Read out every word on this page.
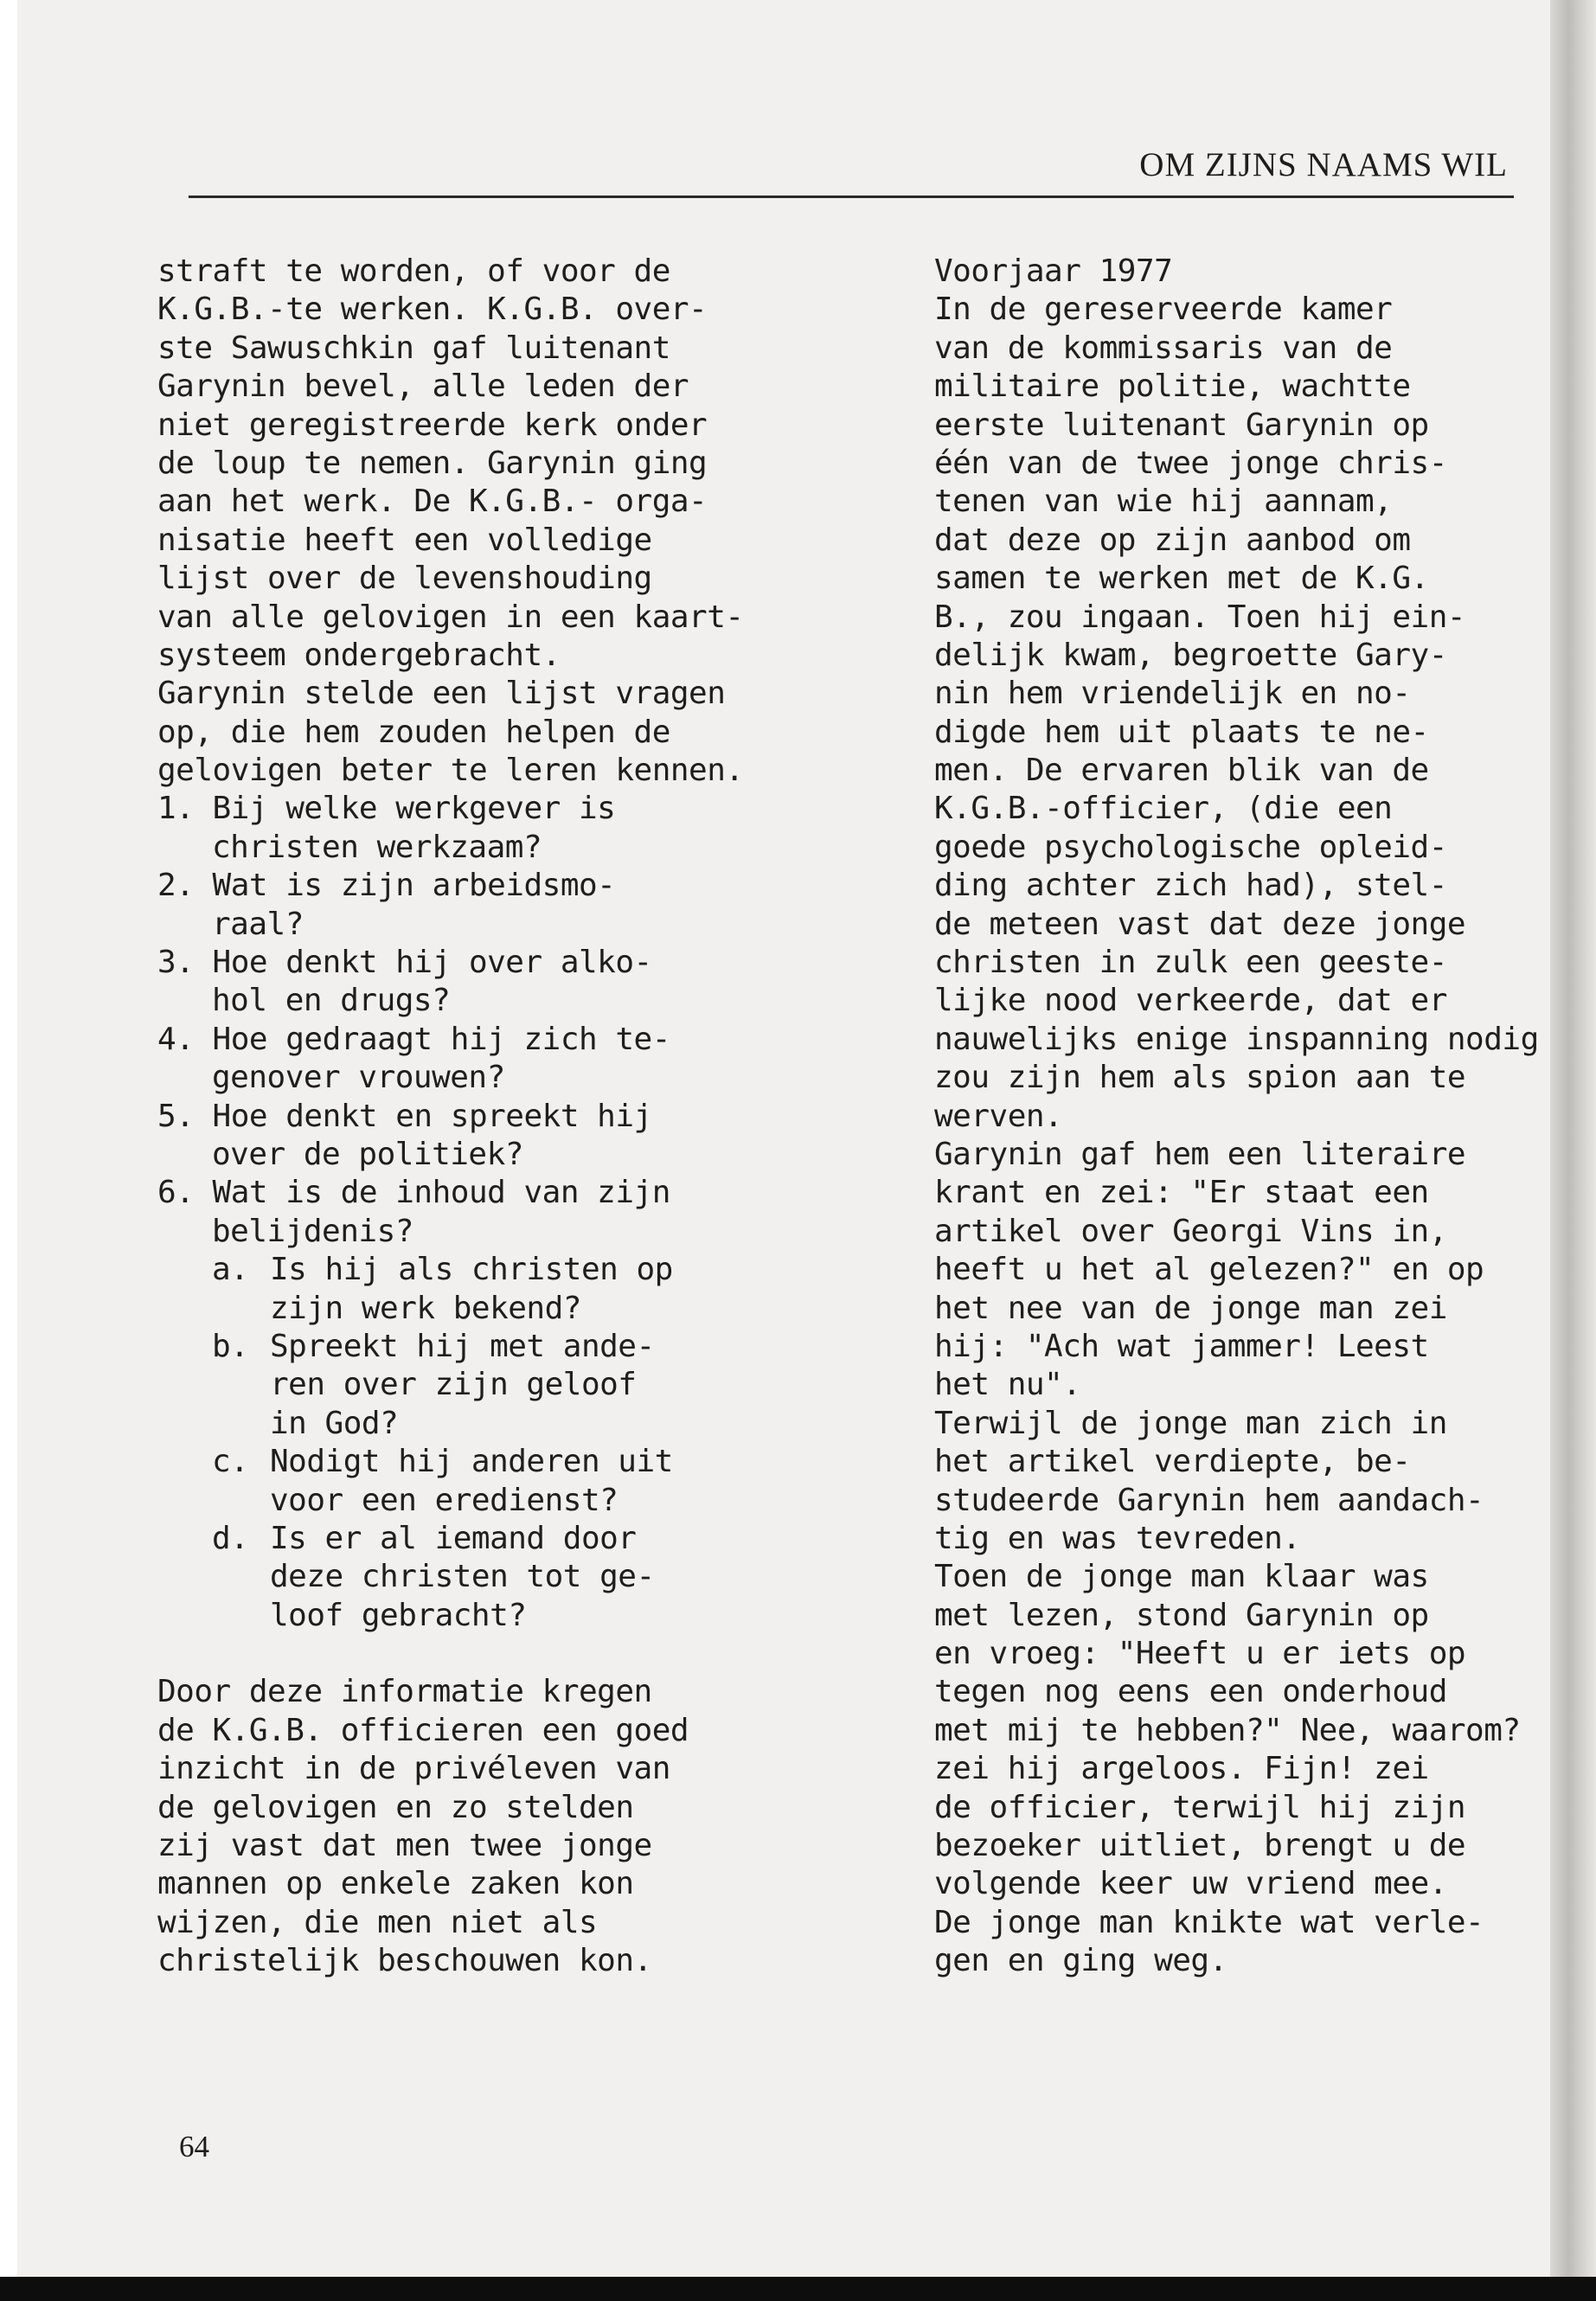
OM ZIJNS NAAMS WIL
straft te worden, of voor de
K.G.B.-te werken. K.G.B. over-
ste Sawuschkin gaf luitenant
Garynin bevel, alle leden der
niet geregistreerde kerk onder
de loup te nemen. Garynin ging
aan het werk. De K.G.B.- orga-
nisatie heeft een volledige
lijst over de levenshouding
van alle gelovigen in een kaart-
systeem ondergebracht.
Garynin stelde een lijst vragen
op, die hem zouden helpen de
gelovigen beter te leren kennen.
1. Bij welke werkgever is
christen werkzaam?
2. Wat is zijn arbeidsmo-
raal?
3. Hoe denkt hij over alko-
hol en drugs?
4. Hoe gedraagt hij zich te-
genover vrouwen?
5. Hoe denkt en spreekt hij
over de politiek?
6. Wat is de inhoud van zijn
belijdenis?
a. Is hij als christen op
zijn werk bekend?
b. Spreekt hij met ande-
ren over zijn geloof
in God?
c. Nodigt hij anderen uit
voor een eredienst?
d. Is er al iemand door
deze christen tot ge-
loof gebracht?
Door deze informatie kregen
de K.G.B. officieren een goed
inzicht in de privéleven van
de gelovigen en zo stelden
zij vast dat men twee jonge
mannen op enkele zaken kon
wijzen, die men niet als
christelijk beschouwen kon.
Voorjaar 1977
In de gereserveerde kamer
van de kommissaris van de
militaire politie, wachtte
eerste luitenant Garynin op
één van de twee jonge chris-
tenen van wie hij aannam,
dat deze op zijn aanbod om
samen te werken met de K.G.
B., zou ingaan. Toen hij ein-
delijk kwam, begroette Gary-
nin hem vriendelijk en no-
digde hem uit plaats te ne-
men. De ervaren blik van de
K.G.B.-officier, (die een
goede psychologische opleid-
ding achter zich had), stel-
de meteen vast dat deze jonge
christen in zulk een geeste-
lijke nood verkeerde, dat er
nauwelijks enige inspanning nodig
zou zijn hem als spion aan te
werven.
Garynin gaf hem een literaire
krant en zei: "Er staat een
artikel over Georgi Vins in,
heeft u het al gelezen?" en op
het nee van de jonge man zei
hij: "Ach wat jammer! Leest
het nu".
Terwijl de jonge man zich in
het artikel verdiepte, be-
studeerde Garynin hem aandach-
tig en was tevreden.
Toen de jonge man klaar was
met lezen, stond Garynin op
en vroeg: "Heeft u er iets op
tegen nog eens een onderhoud
met mij te hebben?" Nee, waarom?
zei hij argeloos. Fijn! zei
de officier, terwijl hij zijn
bezoeker uitliet, brengt u de
volgende keer uw vriend mee.
De jonge man knikte wat verle-
gen en ging weg.
64
